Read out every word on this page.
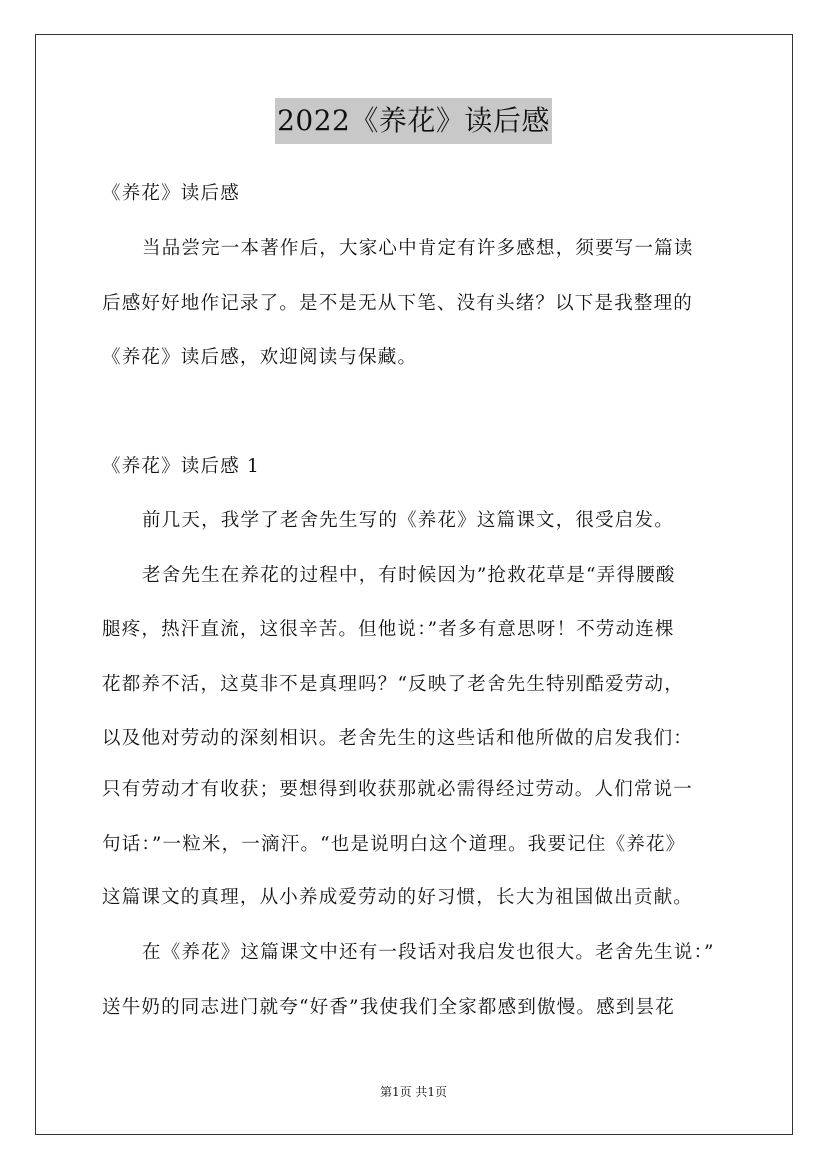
2022《养花》读后感
《养花》读后感
当品尝完一本著作后，大家心中肯定有许多感想，须要写一篇读
后感好好地作记录了。是不是无从下笔、没有头绪？以下是我整理的
《养花》读后感，欢迎阅读与保藏。
《养花》读后感 1
前几天，我学了老舍先生写的《养花》这篇课文，很受启发。
老舍先生在养花的过程中，有时候因为”抢救花草是“弄得腰酸
腿疼，热汗直流，这很辛苦。但他说：”者多有意思呀！不劳动连棵
花都养不活，这莫非不是真理吗？“反映了老舍先生特别酷爱劳动，
以及他对劳动的深刻相识。老舍先生的这些话和他所做的启发我们：
只有劳动才有收获；要想得到收获那就必需得经过劳动。人们常说一
句话：”一粒米，一滴汗。“也是说明白这个道理。我要记住《养花》
这篇课文的真理，从小养成爱劳动的好习惯，长大为祖国做出贡献。
在《养花》这篇课文中还有一段话对我启发也很大。老舍先生说：”
送牛奶的同志进门就夸“好香”我使我们全家都感到傲慢。感到昙花
第1页 共1页
